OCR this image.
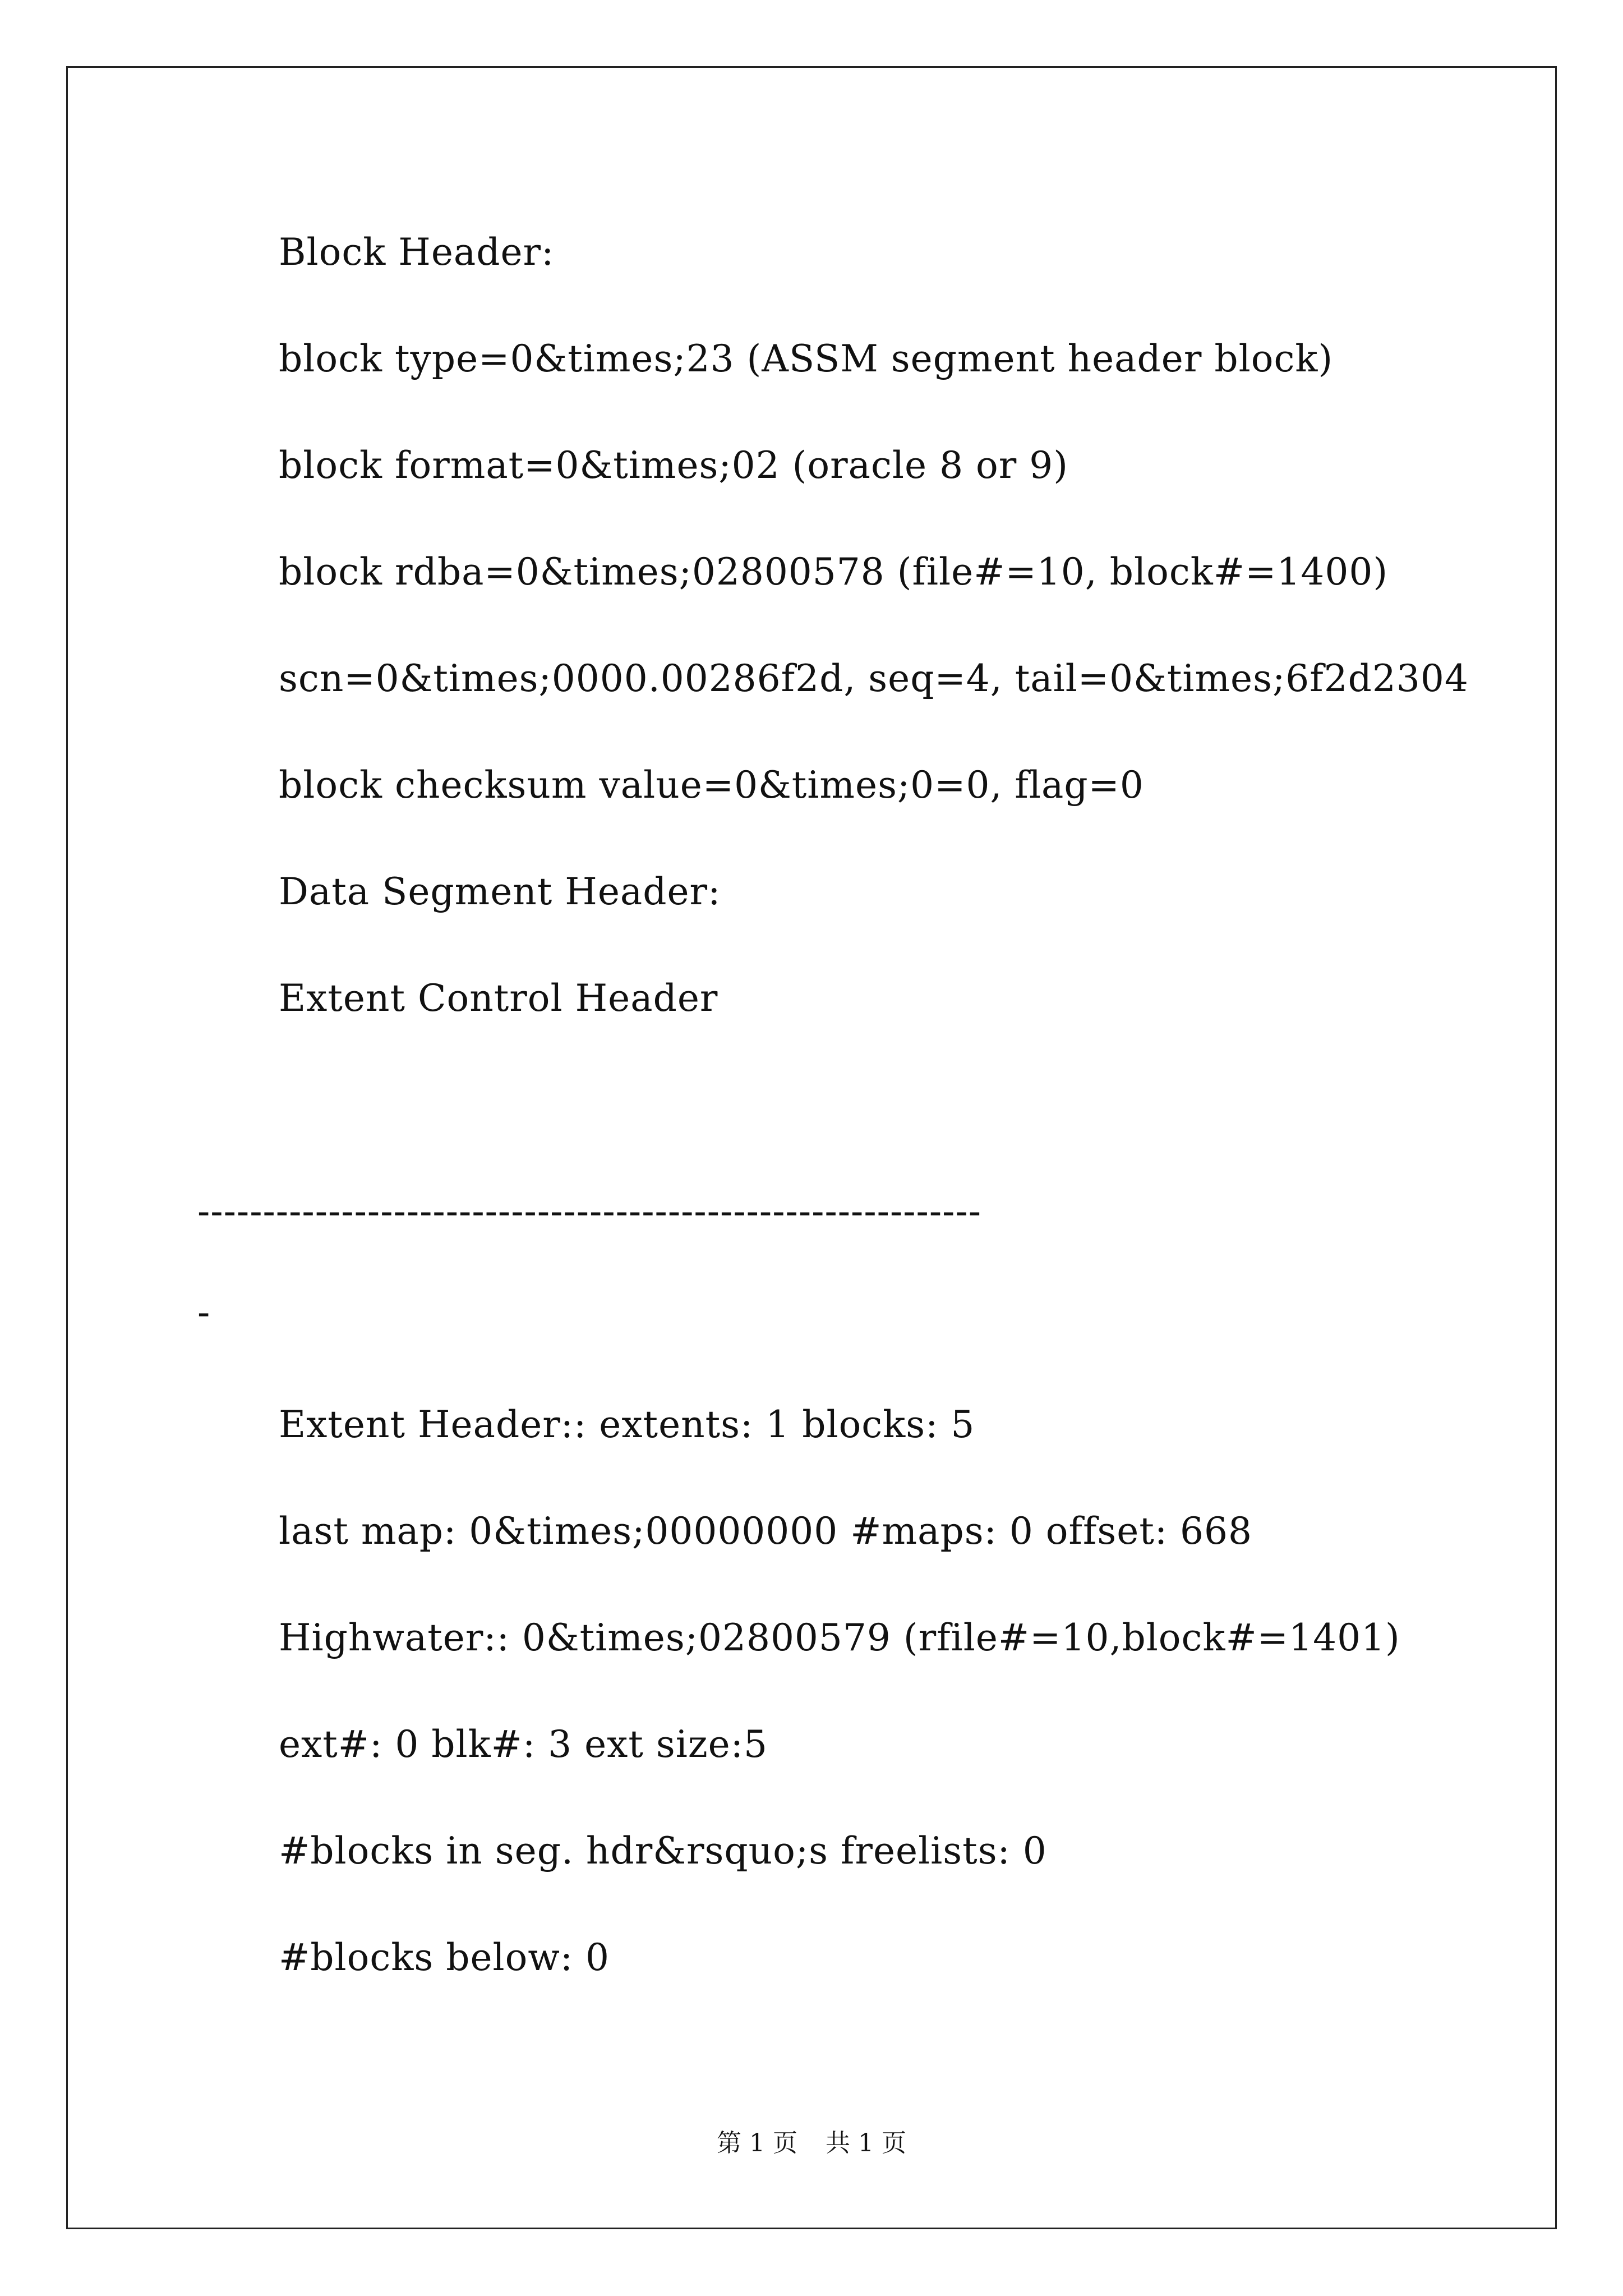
Block Header:
block type=0&times;23 (ASSM segment header block)
block format=0&times;02 (oracle 8 or 9)
block rdba=0&times;02800578 (file#=10, block#=1400)
scn=0&times;0000.00286f2d, seq=4, tail=0&times;6f2d2304
block checksum value=0&times;0=0, flag=0
Data Segment Header:
Extent Control Header
------------------------------------------------------------
-
Extent Header:: extents: 1 blocks: 5
last map: 0&times;00000000 #maps: 0 offset: 668
Highwater:: 0&times;02800579 (rfile#=10,block#=1401)
ext#: 0 blk#: 3 ext size:5
#blocks in seg. hdr&rsquo;s freelists: 0
#blocks below: 0
第 1 页 共 1 页
